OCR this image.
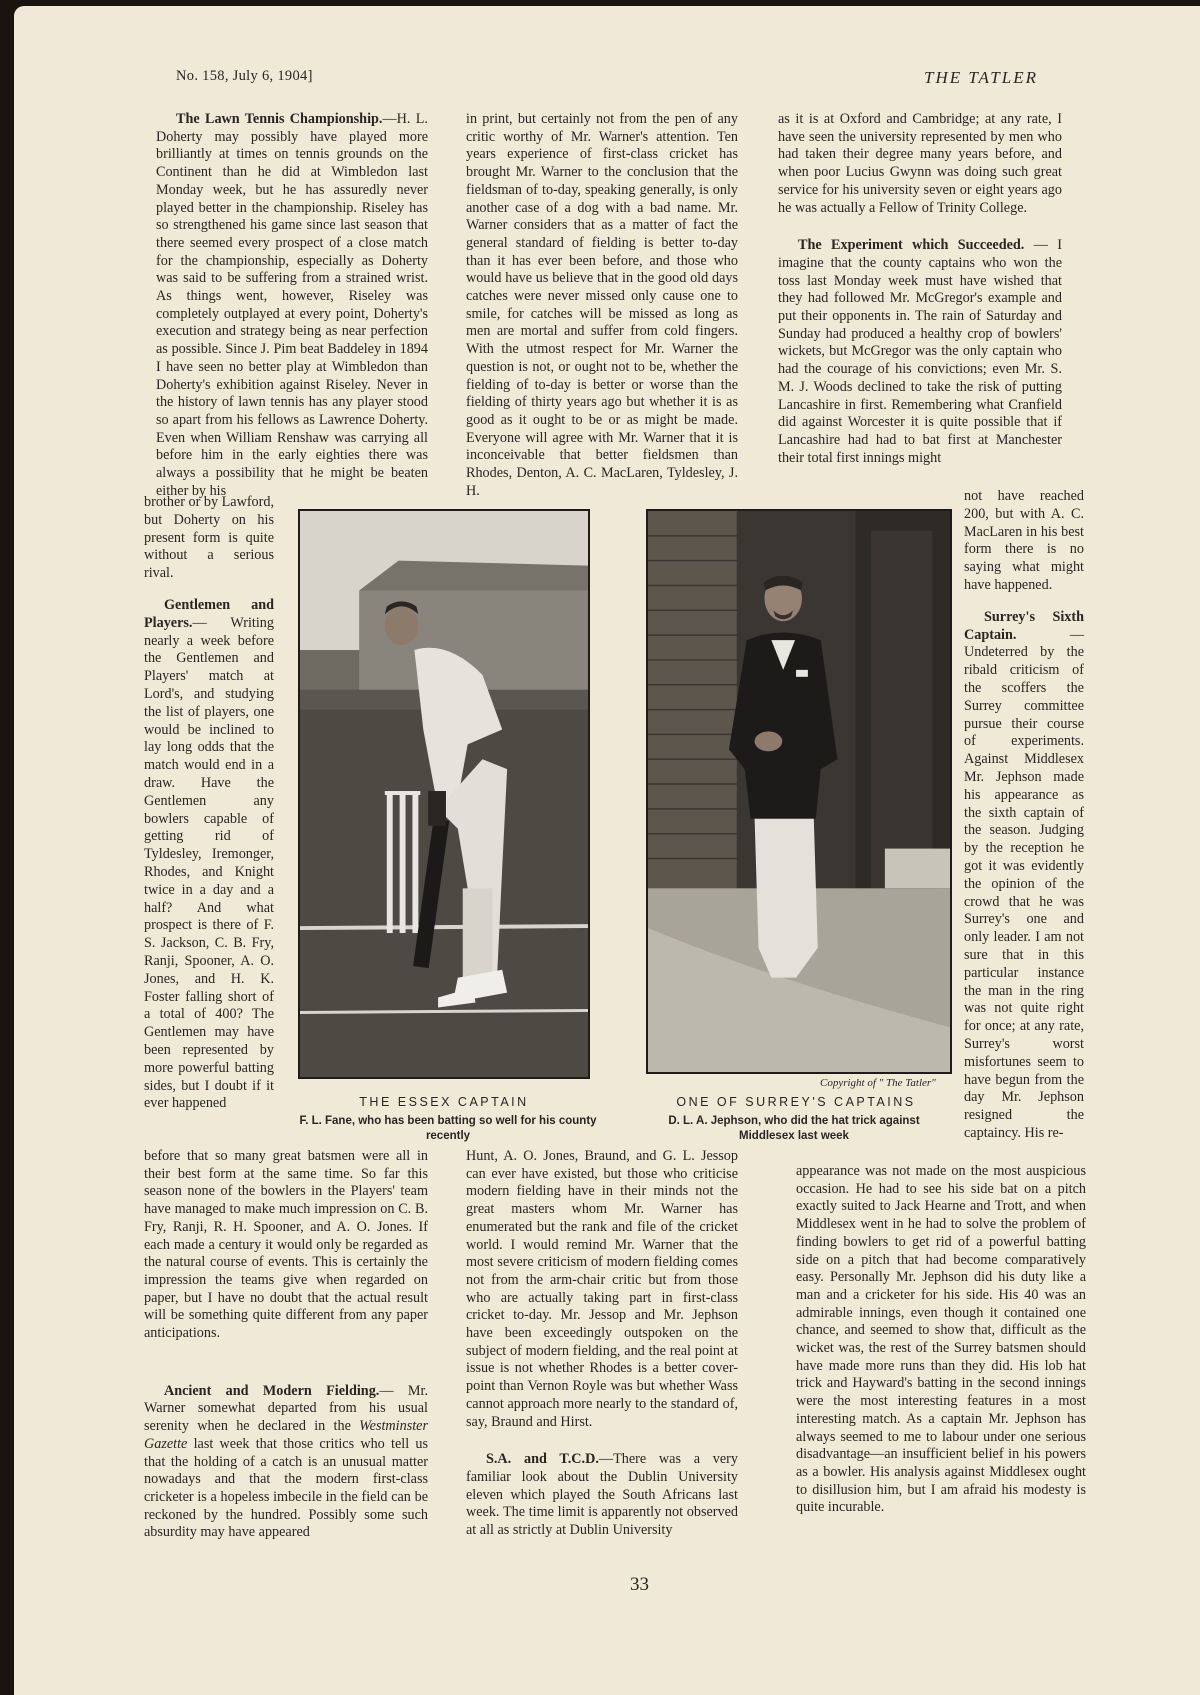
No. 158, July 6, 1904]	THE TATLER

The Lawn Tennis Championship.—H. L. Doherty may possibly have played more brilliantly at times on tennis grounds on the Continent than he did at Wimbledon last Monday week, but he has assuredly never played better in the championship. Riseley has so strengthened his game since last season that there seemed every prospect of a close match for the championship, especially as Doherty was said to be suffering from a strained wrist. As things went, however, Riseley was completely outplayed at every point, Doherty's execution and strategy being as near perfection as possible. Since J. Pim beat Baddeley in 1894 I have seen no better play at Wimbledon than Doherty's exhibition against Riseley. Never in the history of lawn tennis has any player stood so apart from his fellows as Lawrence Doherty. Even when William Renshaw was carrying all before him in the early eighties there was always a possibility that he might be beaten either by his

brother or by Lawford, but Doherty on his present form is quite without a serious rival.

Gentlemen and Players.— Writing nearly a week before the Gentlemen and Players' match at Lord's, and studying the list of players, one would be inclined to lay long odds that the match would end in a draw. Have the Gentlemen any bowlers capable of getting rid of Tyldesley, Iremonger, Rhodes, and Knight twice in a day and a half? And what prospect is there of F. S. Jackson, C. B. Fry, Ranji, Spooner, A. O. Jones, and H. K. Foster falling short of a total of 400? The Gentlemen may have been represented by more powerful batting sides, but I doubt if it ever happened

before that so many great batsmen were all in their best form at the same time. So far this season none of the bowlers in the Players' team have managed to make much impression on C. B. Fry, Ranji, R. H. Spooner, and A. O. Jones. If each made a century it would only be regarded as the natural course of events. This is certainly the impression the teams give when regarded on paper, but I have no doubt that the actual result will be something quite different from any paper anticipations.

Ancient and Modern Fielding.— Mr. Warner somewhat departed from his usual serenity when he declared in the Westminster Gazette last week that those critics who tell us that the holding of a catch is an unusual matter nowadays and that the modern first-class cricketer is a hopeless imbecile in the field can be reckoned by the hundred. Possibly some such absurdity may have appeared

in print, but certainly not from the pen of any critic worthy of Mr. Warner's attention. Ten years experience of first-class cricket has brought Mr. Warner to the conclusion that the fieldsman of to-day, speaking generally, is only another case of a dog with a bad name. Mr. Warner considers that as a matter of fact the general standard of fielding is better to-day than it has ever been before, and those who would have us believe that in the good old days catches were never missed only cause one to smile, for catches will be missed as long as men are mortal and suffer from cold fingers. With the utmost respect for Mr. Warner the question is not, or ought not to be, whether the fielding of to-day is better or worse than the fielding of thirty years ago but whether it is as good as it ought to be or as might be made. Everyone will agree with Mr. Warner that it is inconceivable that better fieldsmen than Rhodes, Denton, A. C. MacLaren, Tyldesley, J. H.

Hunt, A. O. Jones, Braund, and G. L. Jessop can ever have existed, but those who criticise modern fielding have in their minds not the great masters whom Mr. Warner has enumerated but the rank and file of the cricket world. I would remind Mr. Warner that the most severe criticism of modern fielding comes not from the arm-chair critic but from those who are actually taking part in first-class cricket to-day. Mr. Jessop and Mr. Jephson have been exceedingly outspoken on the subject of modern fielding, and the real point at issue is not whether Rhodes is a better cover-point than Vernon Royle was but whether Wass cannot approach more nearly to the standard of, say, Braund and Hirst.

S.A. and T.C.D.—There was a very familiar look about the Dublin University eleven which played the South Africans last week. The time limit is apparently not observed at all as strictly at Dublin University

as it is at Oxford and Cambridge; at any rate, I have seen the university represented by men who had taken their degree many years before, and when poor Lucius Gwynn was doing such great service for his university seven or eight years ago he was actually a Fellow of Trinity College.

The Experiment which Succeeded. — I imagine that the county captains who won the toss last Monday week must have wished that they had followed Mr. McGregor's example and put their opponents in. The rain of Saturday and Sunday had produced a healthy crop of bowlers' wickets, but McGregor was the only captain who had the courage of his convictions; even Mr. S. M. J. Woods declined to take the risk of putting Lancashire in first. Remembering what Cranfield did against Worcester it is quite possible that if Lancashire had had to bat first at Manchester their total first innings might

not have reached 200, but with A. C. MacLaren in his best form there is no saying what might have happened.

Surrey's Sixth Captain. — Undeterred by the ribald criticism of the scoffers the Surrey committee pursue their course of experiments. Against Middlesex Mr. Jephson made his appearance as the sixth captain of the season. Judging by the reception he got it was evidently the opinion of the crowd that he was Surrey's one and only leader. I am not sure that in this particular instance the man in the ring was not quite right for once; at any rate, Surrey's worst misfortunes seem to have begun from the day Mr. Jephson resigned the captaincy. His re-

appearance was not made on the most auspicious occasion. He had to see his side bat on a pitch exactly suited to Jack Hearne and Trott, and when Middlesex went in he had to solve the problem of finding bowlers to get rid of a powerful batting side on a pitch that had become comparatively easy. Personally Mr. Jephson did his duty like a man and a cricketer for his side. His 40 was an admirable innings, even though it contained one chance, and seemed to show that, difficult as the wicket was, the rest of the Surrey batsmen should have made more runs than they did. His lob hat trick and Hayward's batting in the second innings were the most interesting features in a most interesting match. As a captain Mr. Jephson has always seemed to me to labour under one serious disadvantage—an insufficient belief in his powers as a bowler. His analysis against Middlesex ought to disillusion him, but I am afraid his modesty is quite incurable.

THE ESSEX CAPTAIN
F. L. Fane, who has been batting so well for his county recently
Copyright of " The Tatler"
ONE OF SURREY'S CAPTAINS
D. L. A. Jephson, who did the hat trick against Middlesex last week
33
